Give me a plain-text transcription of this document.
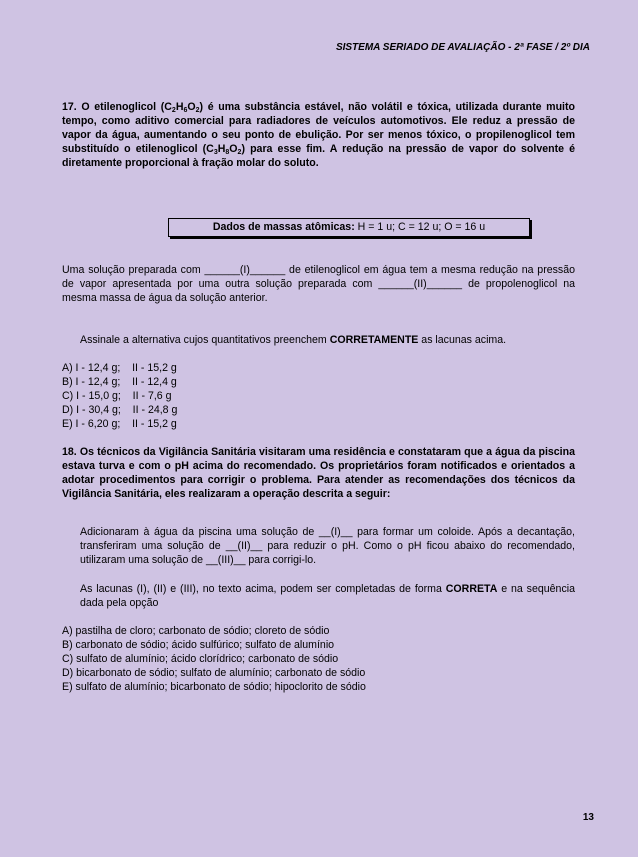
SISTEMA SERIADO DE AVALIAÇÃO - 2ª FASE / 2º DIA
17. O etilenoglicol $(C_2H_6O_2)$ é uma substância estável, não volátil e tóxica, utilizada durante muito tempo, como aditivo comercial para radiadores de veículos automotivos. Ele reduz a pressão de vapor da água, aumentando o seu ponto de ebulição. Por ser menos tóxico, o propilenoglicol tem substituído o etilenoglicol $(C_3H_8O_2)$ para esse fim. A redução na pressão de vapor do solvente é diretamente proporcional à fração molar do soluto.
Dados de massas atômicas: H = 1 u; C = 12 u; O = 16 u
Uma solução preparada com ______(I)______ de etilenoglicol em água tem a mesma redução na pressão de vapor apresentada por uma outra solução preparada com ______(II)______ de propolenoglicol na mesma massa de água da solução anterior.
Assinale a alternativa cujos quantitativos preenchem CORRETAMENTE as lacunas acima.
A) I - 12,4 g;    II - 15,2 g
B) I - 12,4 g;    II - 12,4 g
C) I - 15,0 g;    II - 7,6 g
D) I - 30,4 g;    II - 24,8 g
E) I - 6,20 g;    II - 15,2 g
18. Os técnicos da Vigilância Sanitária visitaram uma residência e constataram que a água da piscina estava turva e com o pH acima do recomendado. Os proprietários foram notificados e orientados a adotar procedimentos para corrigir o problema. Para atender as recomendações dos técnicos da Vigilância Sanitária, eles realizaram a operação descrita a seguir:
Adicionaram à água da piscina uma solução de __(I)__ para formar um coloide. Após a decantação, transferiram uma solução de __(II)__ para reduzir o pH. Como o pH ficou abaixo do recomendado, utilizaram uma solução de __(III)__ para corrigi-lo.
As lacunas (I), (II) e (III), no texto acima, podem ser completadas de forma CORRETA e na sequência dada pela opção
A) pastilha de cloro; carbonato de sódio; cloreto de sódio
B) carbonato de sódio; ácido sulfúrico; sulfato de alumínio
C) sulfato de alumínio; ácido clorídrico; carbonato de sódio
D) bicarbonato de sódio; sulfato de alumínio; carbonato de sódio
E) sulfato de alumínio; bicarbonato de sódio; hipoclorito de sódio
13
